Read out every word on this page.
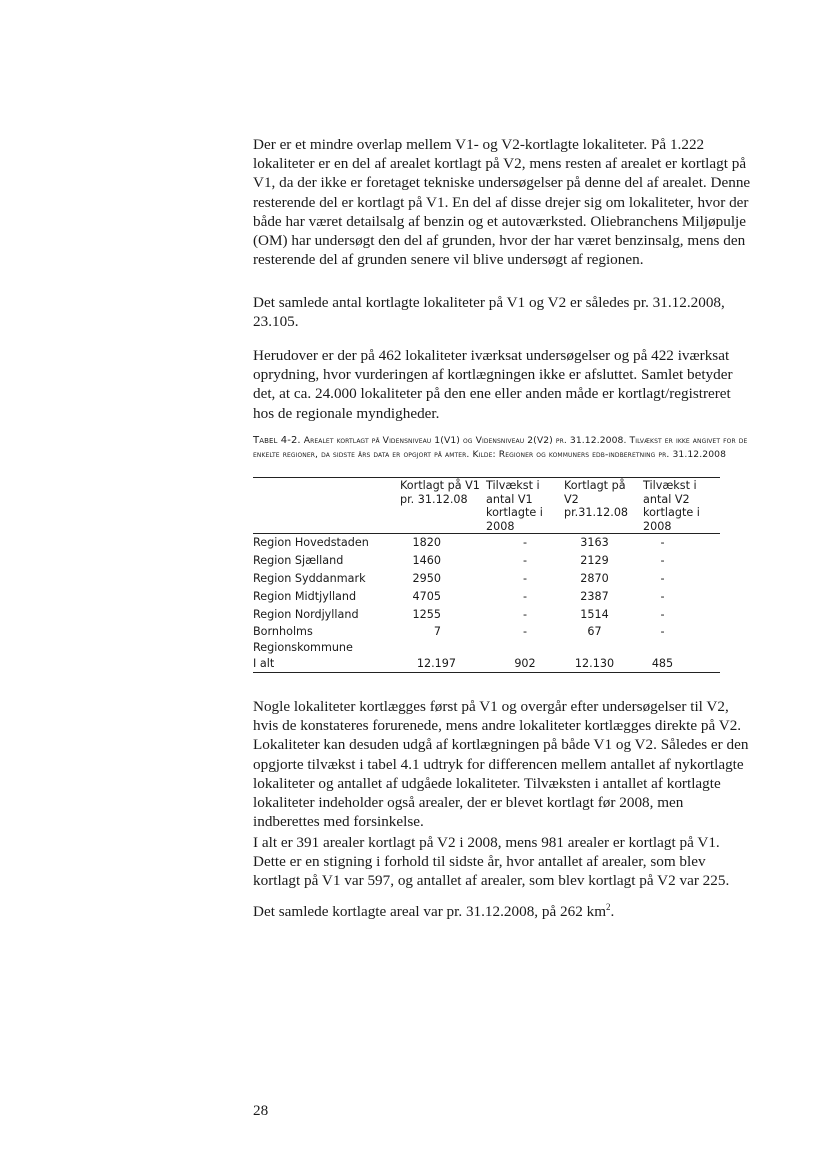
Der er et mindre overlap mellem V1- og V2-kortlagte lokaliteter. På 1.222 lokaliteter er en del af arealet kortlagt på V2, mens resten af arealet er kortlagt på V1, da der ikke er foretaget tekniske undersøgelser på denne del af arealet. Denne resterende del er kortlagt på V1. En del af disse drejer sig om lokaliteter, hvor der både har været detailsalg af benzin og et autoværksted. Oliebranchens Miljøpulje (OM) har undersøgt den del af grunden, hvor der har været benzinsalg, mens den resterende del af grunden senere vil blive undersøgt af regionen.

Det samlede antal kortlagte lokaliteter på V1 og V2 er således pr. 31.12.2008, 23.105.

Herudover er der på 462 lokaliteter iværksat undersøgelser og på 422 iværksat oprydning, hvor vurderingen af kortlægningen ikke er afsluttet. Samlet betyder det, at ca. 24.000 lokaliteter på den ene eller anden måde er kortlagt/registreret hos de regionale myndigheder.

Tabel 4-2. Arealet kortlagt på Vidensniveau 1(V1) og Vidensniveau 2(V2) pr. 31.12.2008. Tilvækst er ikke angivet for de enkelte regioner, da sidste års data er opgjort på amter. Kilde: Regioner og kommuners edb-indberetning pr. 31.12.2008

	Kortlagt på V1 pr. 31.12.08	Tilvækst i antal V1 kortlagte i 2008	Kortlagt på V2 pr.31.12.08	Tilvækst i antal V2 kortlagte i 2008
Region Hovedstaden	1820	-	3163	-
Region Sjælland	1460	-	2129	-
Region Syddanmark	2950	-	2870	-
Region Midtjylland	4705	-	2387	-
Region Nordjylland	1255	-	1514	-
Bornholms Regionskommune	7	-	67	-
I alt	12.197	902	12.130	485

Nogle lokaliteter kortlægges først på V1 og overgår efter undersøgelser til V2, hvis de konstateres forurenede, mens andre lokaliteter kortlægges direkte på V2. Lokaliteter kan desuden udgå af kortlægningen på både V1 og V2. Således er den opgjorte tilvækst i tabel 4.1 udtryk for differencen mellem antallet af nykortlagte lokaliteter og antallet af udgåede lokaliteter. Tilvæksten i antallet af kortlagte lokaliteter indeholder også arealer, der er blevet kortlagt før 2008, men indberettes med forsinkelse.

I alt er 391 arealer kortlagt på V2 i 2008, mens 981 arealer er kortlagt på V1. Dette er en stigning i forhold til sidste år, hvor antallet af arealer, som blev kortlagt på V1 var 597, og antallet af arealer, som blev kortlagt på V2 var 225.

Det samlede kortlagte areal var pr. 31.12.2008, på 262 $km^2$.

28
